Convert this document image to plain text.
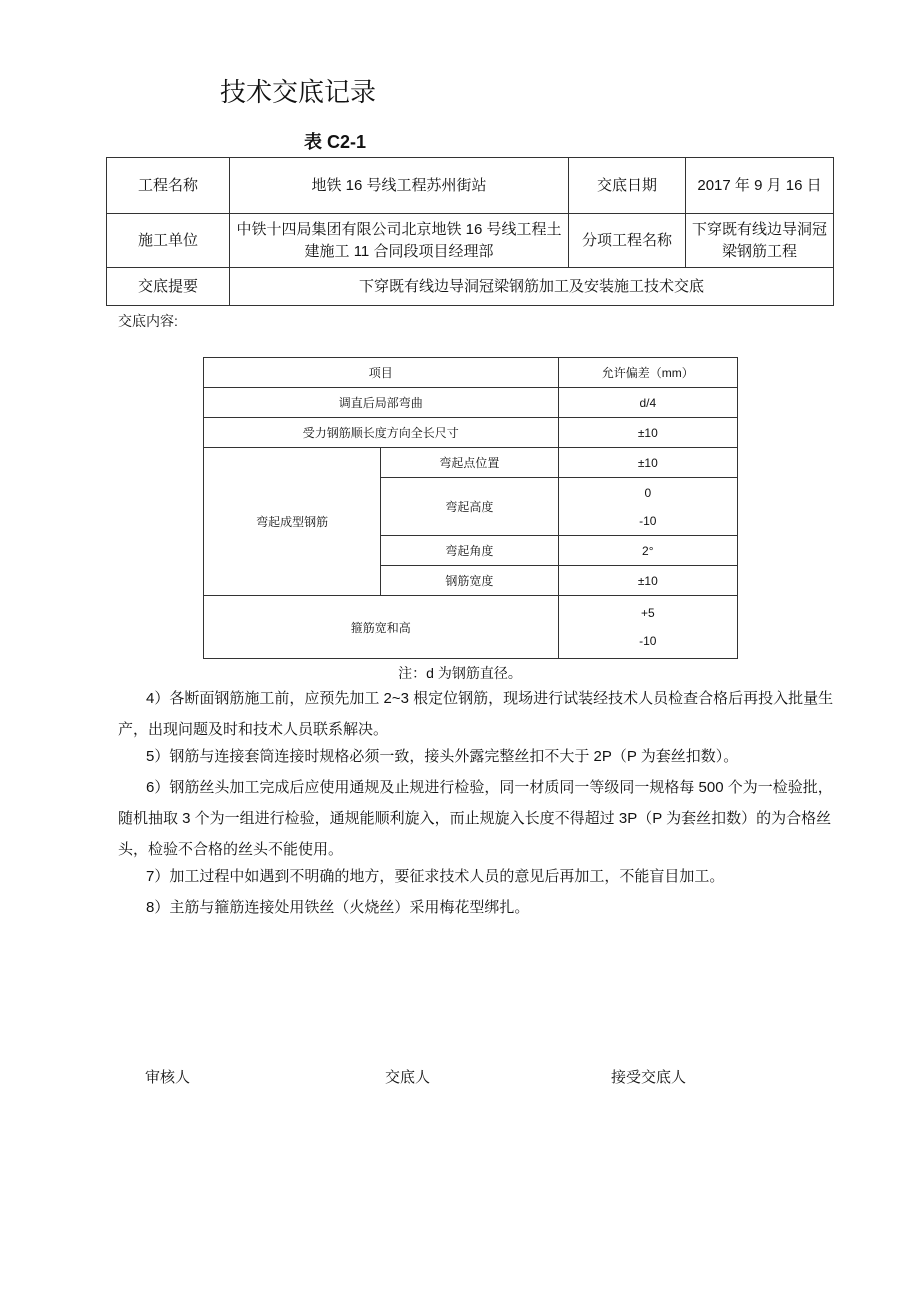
技术交底记录
表 C2-1
工程名称	地铁 16 号线工程苏州街站	交底日期	2017 年 9 月 16 日
施工单位	中铁十四局集团有限公司北京地铁 16 号线工程土建施工 11 合同段项目经理部	分项工程名称	下穿既有线边导洞冠梁钢筋工程
交底提要	下穿既有线边导洞冠梁钢筋加工及安装施工技术交底		
交底内容:
项目		允许偏差（mm）
调直后局部弯曲		d/4
受力钢筋顺长度方向全长尺寸		±10
弯起成型钢筋	弯起点位置	±10
	弯起高度	0
-10

	弯起角度	2°
	钢筋宽度	±10
箍筋宽和高		+5
-10
注：d 为钢筋直径。
4）各断面钢筋施工前，应预先加工 2~3 根定位钢筋，现场进行试装经技术人员检查合格后再投入批量生产，出现问题及时和技术人员联系解决。
5）钢筋与连接套筒连接时规格必须一致，接头外露完整丝扣不大于 2P（P 为套丝扣数）。
6）钢筋丝头加工完成后应使用通规及止规进行检验，同一材质同一等级同一规格每 500 个为一检验批，随机抽取 3 个为一组进行检验，通规能顺利旋入，而止规旋入长度不得超过 3P（P 为套丝扣数）的为合格丝头，检验不合格的丝头不能使用。
7）加工过程中如遇到不明确的地方，要征求技术人员的意见后再加工，不能盲目加工。
8）主筋与箍筋连接处用铁丝（火烧丝）采用梅花型绑扎。
审核人	交底人	接受交底人
